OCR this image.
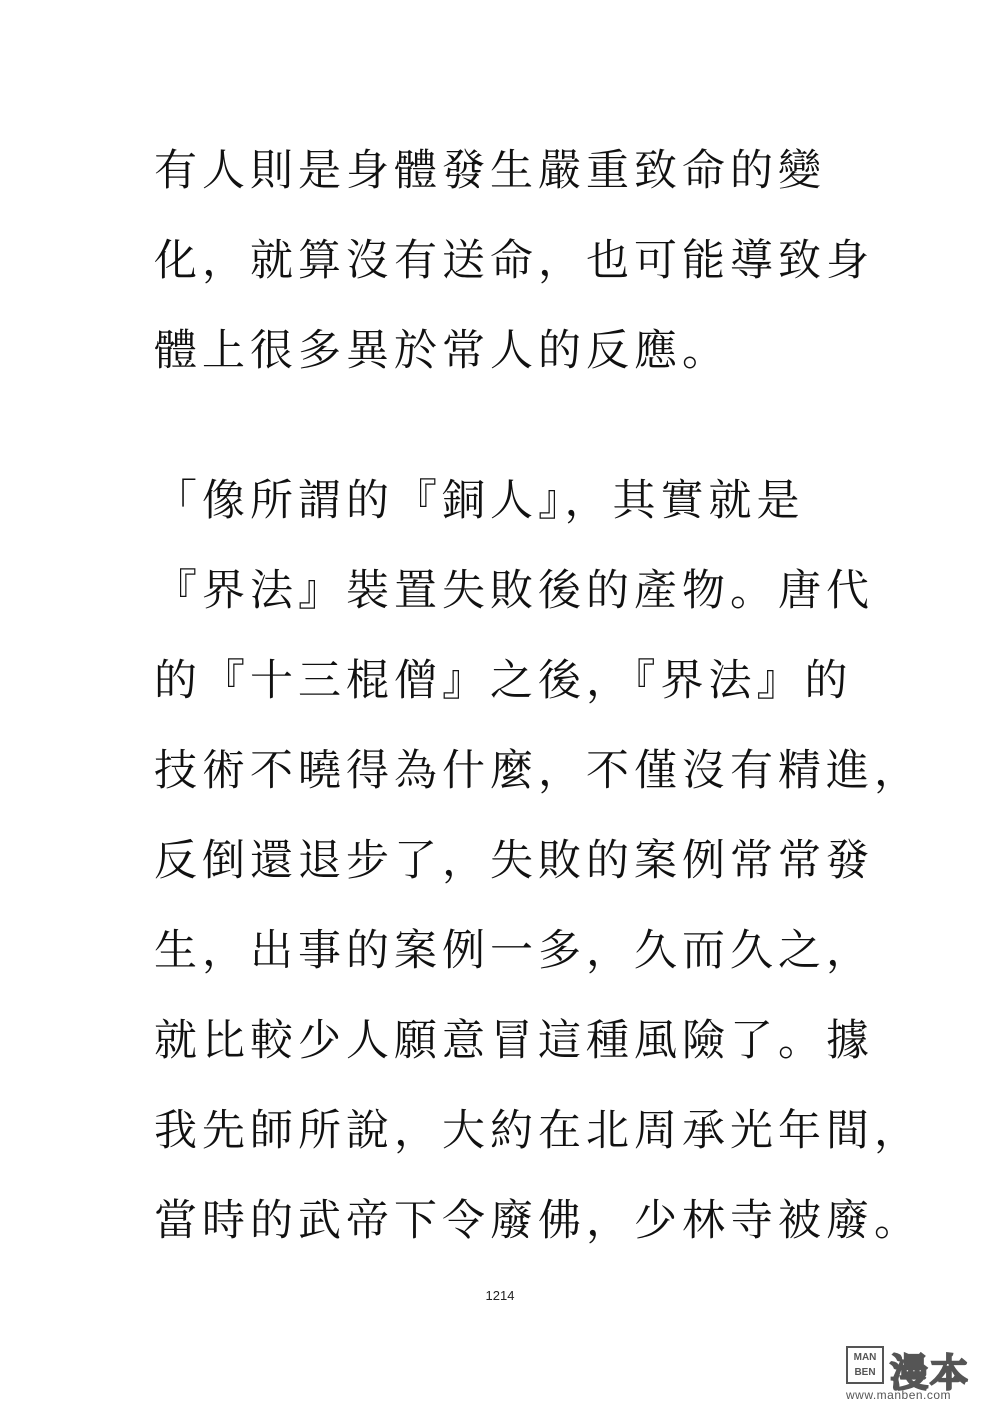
有人則是身體發生嚴重致命的變
化，就算沒有送命，也可能導致身
體上很多異於常人的反應。
「像所謂的『銅人』，其實就是
『界法』裝置失敗後的產物。唐代
的『十三棍僧』之後，『界法』的
技術不曉得為什麼，不僅沒有精進，
反倒還退步了，失敗的案例常常發
生，出事的案例一多，久而久之，
就比較少人願意冒這種風險了。據
我先師所說，大約在北周承光年間，
當時的武帝下令廢佛，少林寺被廢。
1214
MAN
BEN 漫本
www.manben.com
